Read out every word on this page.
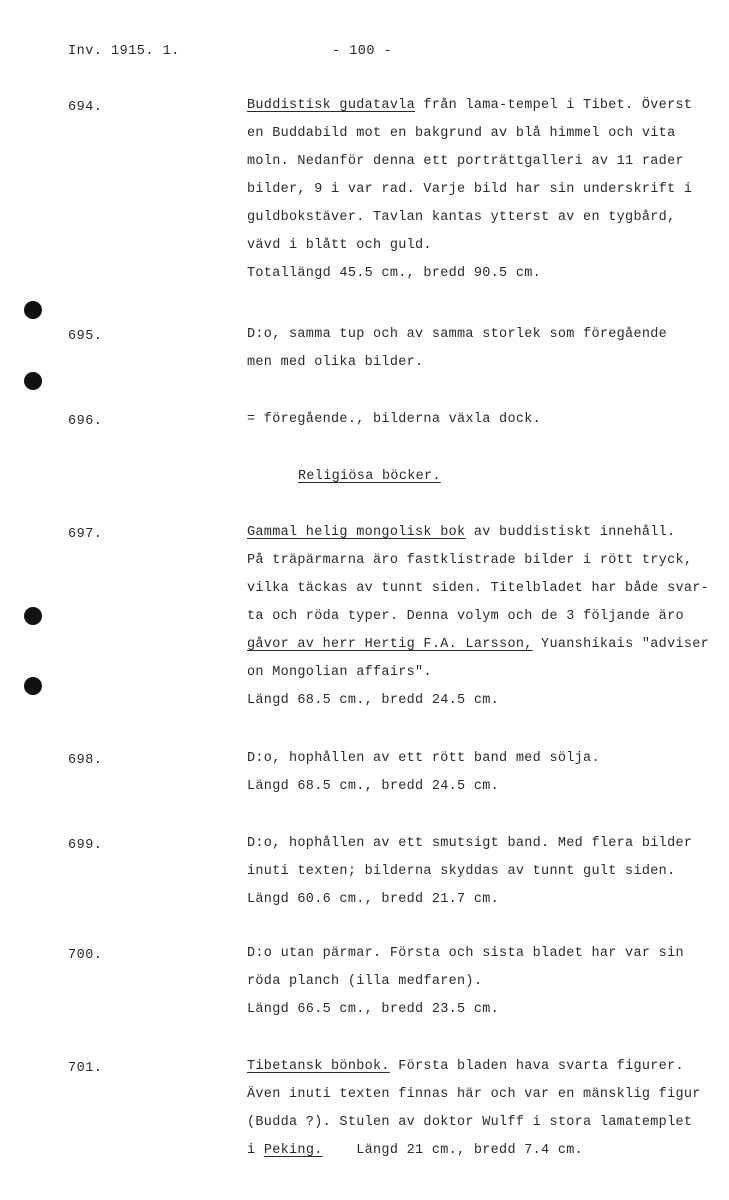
Inv. 1915. 1.	- 100 -
694.	Buddistisk gudatavla från lama-tempel i Tibet. Överst
en Buddabild mot en bakgrund av blå himmel och vita
moln. Nedanför denna ett porträttgalleri av 11 rader
bilder, 9 i var rad. Varje bild har sin underskrift i
guldbokstäver. Tavlan kantas ytterst av en tygbård,
vävd i blått och guld.
Totallängd 45.5 cm., bredd 90.5 cm.
695.	D:o, samma tup och av samma storlek som föregående
men med olika bilder.
696.	= föregående., bilderna växla dock.
Religiösa böcker.
697.	Gammal helig mongolisk bok av buddistiskt innehåll.
På träpärmarna äro fastklistrade bilder i rött tryck,
vilka täckas av tunnt siden. Titelbladet har både svar-
ta och röda typer. Denna volym och de 3 följande äro
gåvor av herr Hertig F.A. Larsson, Yuanshikais "adviser
on Mongolian affairs".
Längd 68.5 cm., bredd 24.5 cm.
698.	D:o, hophållen av ett rött band med sölja.
Längd 68.5 cm., bredd 24.5 cm.
699.	D:o, hophållen av ett smutsigt band. Med flera bilder
inuti texten; bilderna skyddas av tunnt gult siden.
Längd 60.6 cm., bredd 21.7 cm.
700.	D:o utan pärmar. Första och sista bladet har var sin
röda planch (illa medfaren).
Längd 66.5 cm., bredd 23.5 cm.
701.	Tibetansk bönbok. Första bladen hava svarta figurer.
Även inuti texten finnas här och var en mänsklig figur
(Budda ?). Stulen av doktor Wulff i stora lamatemplet
i Peking.    Längd 21 cm., bredd 7.4 cm.
